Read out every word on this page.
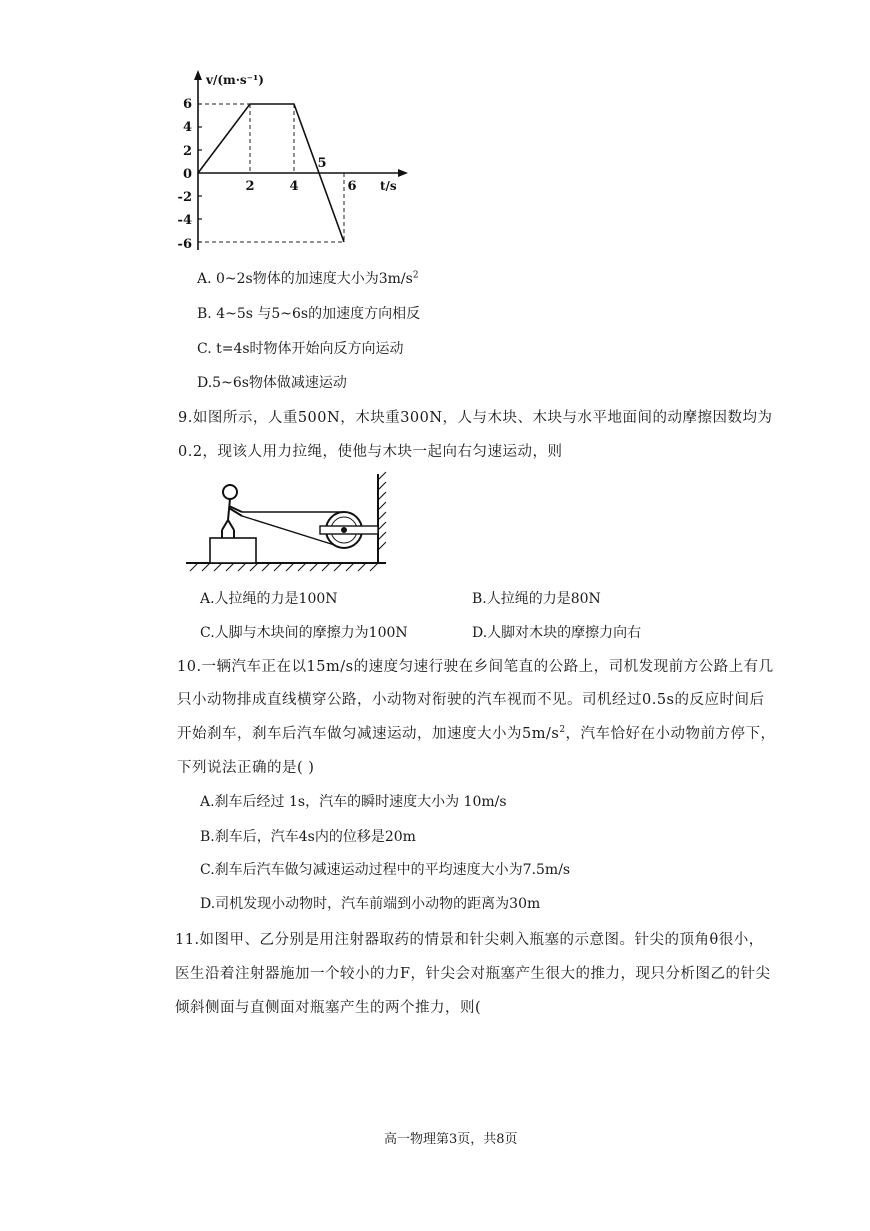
v/(m·s⁻¹)
t/s
6
4
2
0
-2
-4
-6
2	4
5
6
A. 0~2s物体的加速度大小为$3m/s^2$
B. 4~5s 与5~6s的加速度方向相反
C. t=4s时物体开始向反方向运动
D.5~6s物体做减速运动
9.如图所示，人重500N，木块重300N，人与木块、木块与水平地面间的动摩擦因数均为
0.2，现该人用力拉绳，使他与木块一起向右匀速运动，则
A.人拉绳的力是100N	B.人拉绳的力是80N
C.人脚与木块间的摩擦力为100N	D.人脚对木块的摩擦力向右
10.一辆汽车正在以15m/s的速度匀速行驶在乡间笔直的公路上，司机发现前方公路上有几
只小动物排成直线横穿公路，小动物对衔驶的汽车视而不见。司机经过0.5s的反应时间后
开始刹车，刹车后汽车做匀减速运动，加速度大小为$5m/s^2$，汽车恰好在小动物前方停下，
下列说法正确的是( )
A.刹车后经过 1s，汽车的瞬时速度大小为 10m/s
B.刹车后，汽车4s内的位移是20m
C.刹车后汽车做匀减速运动过程中的平均速度大小为7.5m/s
D.司机发现小动物时，汽车前端到小动物的距离为30m
11.如图甲、乙分别是用注射器取药的情景和针尖刺入瓶塞的示意图。针尖的顶角θ很小，
医生沿着注射器施加一个较小的力F，针尖会对瓶塞产生很大的推力，现只分析图乙的针尖
倾斜侧面与直侧面对瓶塞产生的两个推力，则(
高一物理第3页，共8页
